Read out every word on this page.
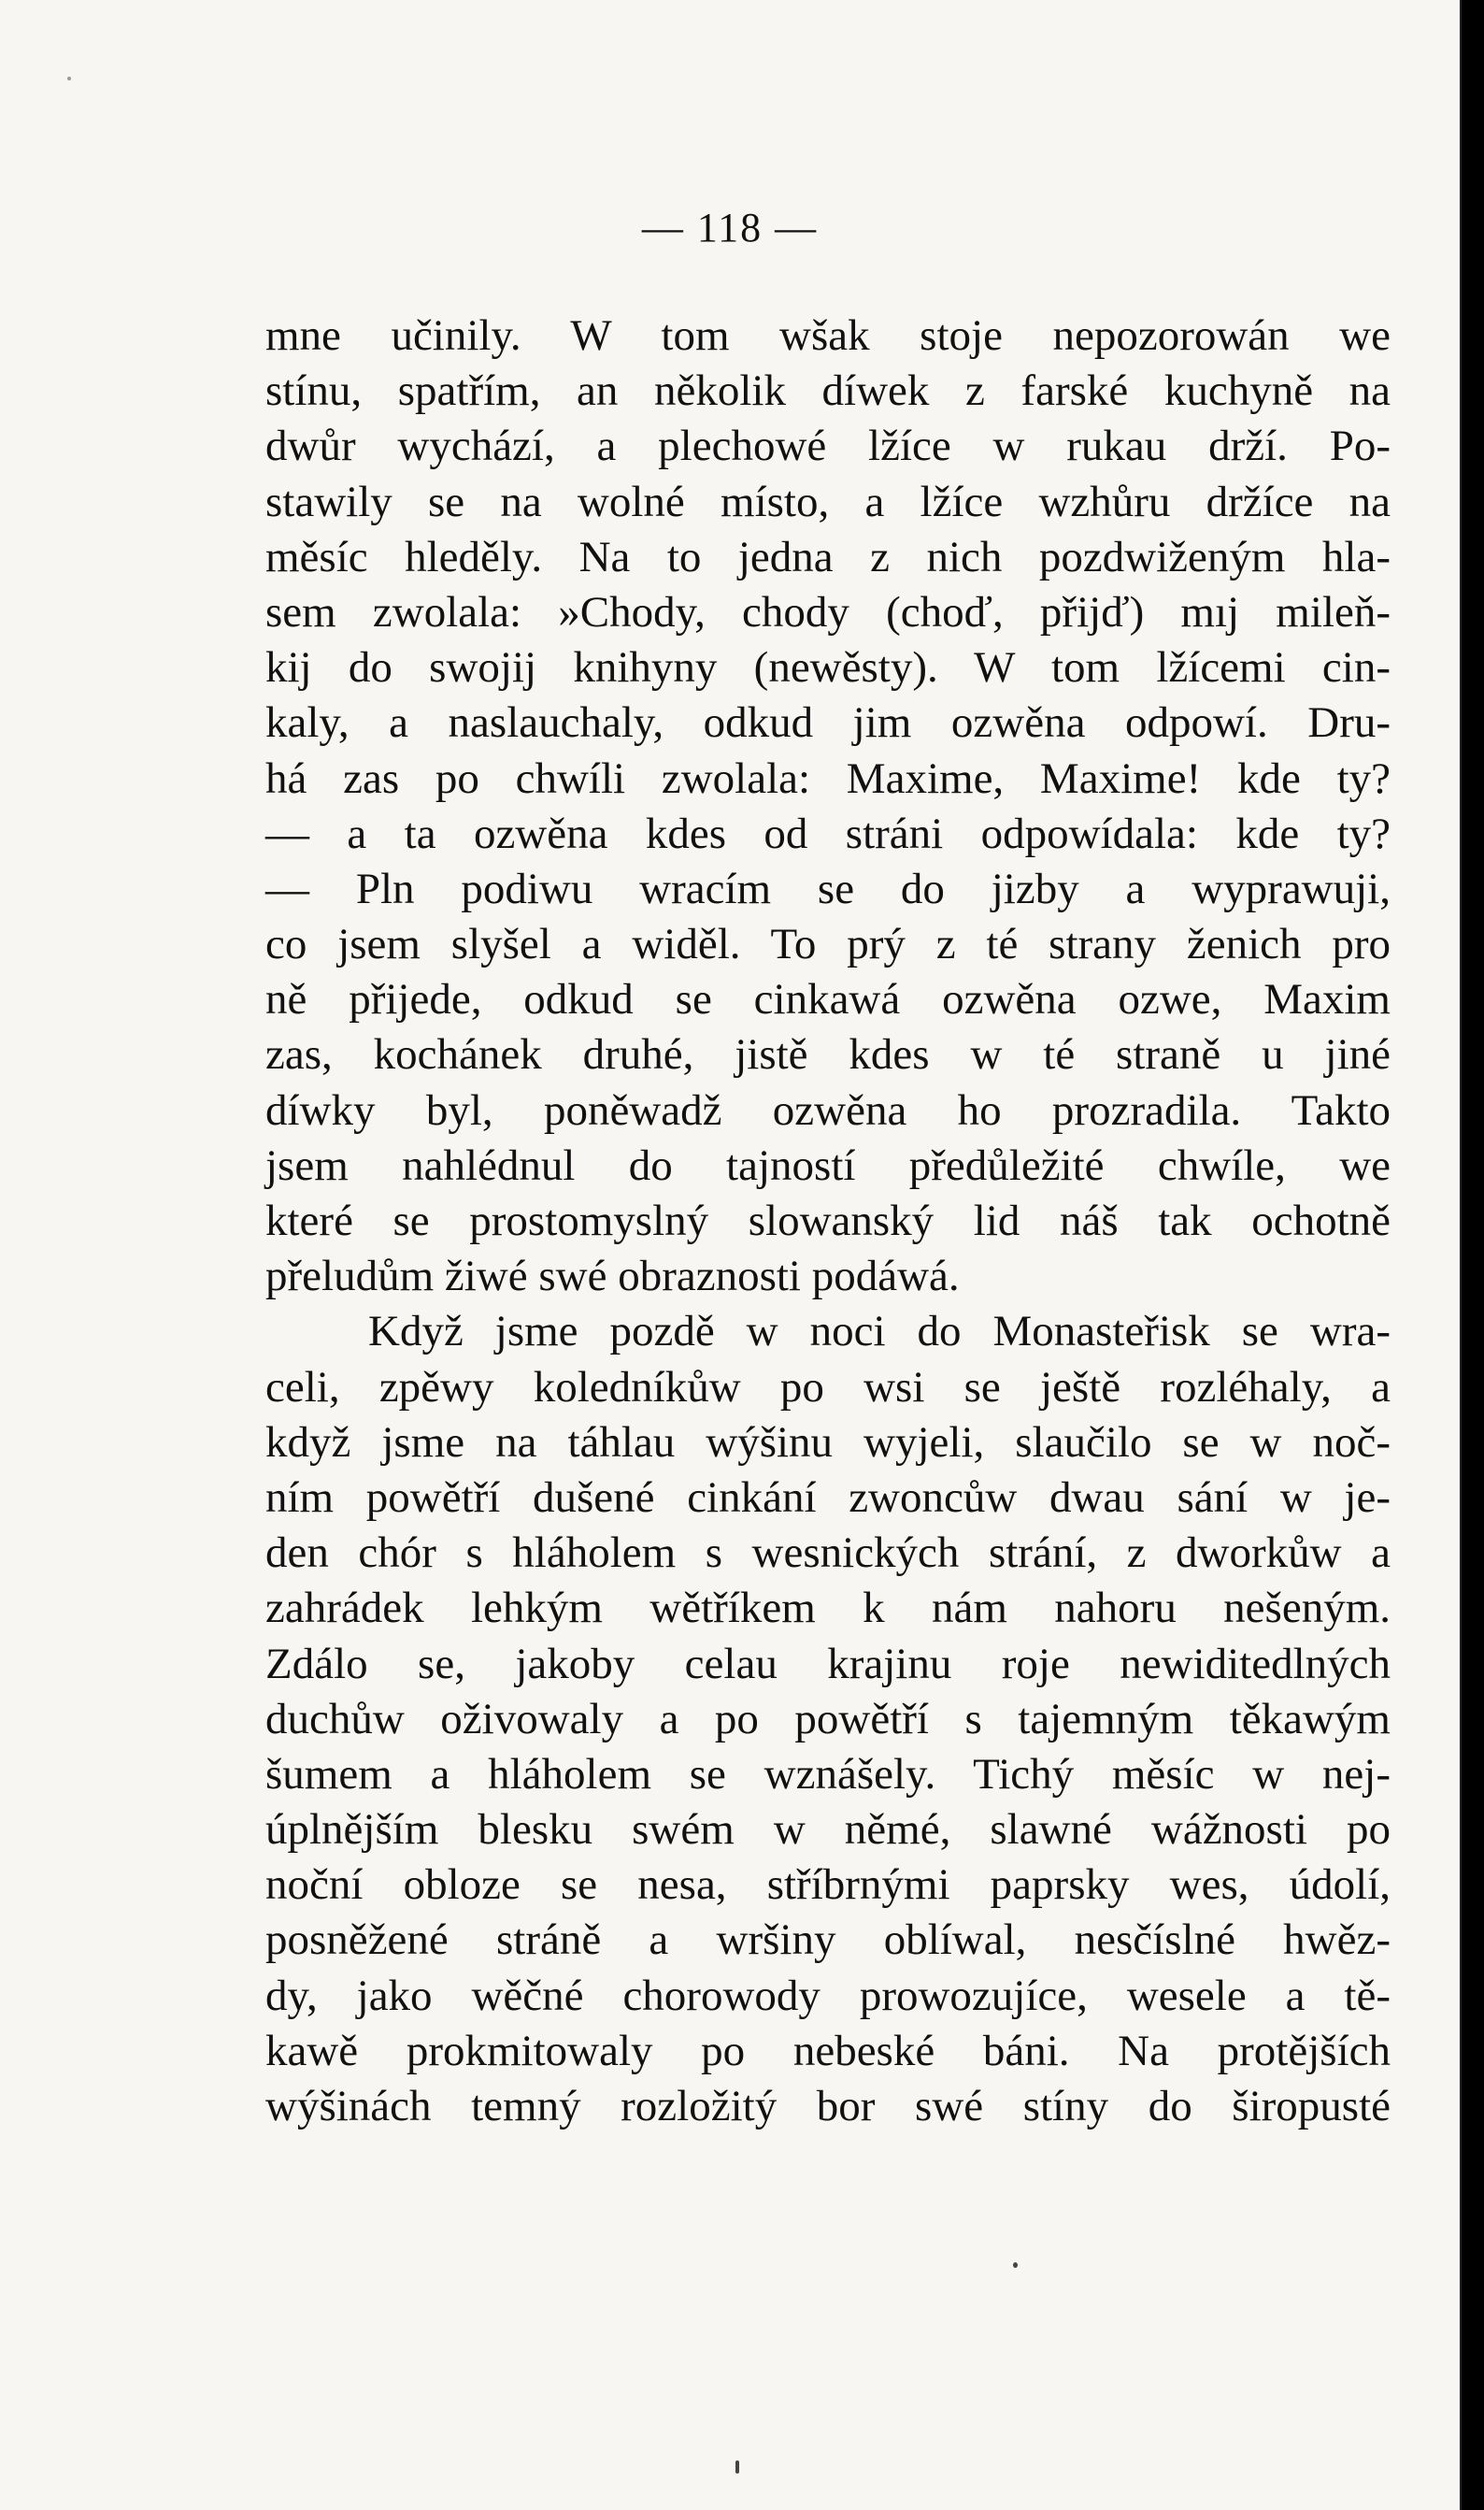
— 118 —
mne učinily. W tom wšak stoje nepozorowán we
stínu, spatřím, an několik díwek z farské kuchyně na
dwůr wychází, a plechowé lžíce w rukau drží. Po-
stawily se na wolné místo, a lžíce wzhůru držíce na
měsíc hleděly. Na to jedna z nich pozdwiženým hla-
sem zwolala: »Chody, chody (choď, přijď) mıj mileň-
kij do swojij knihyny (newěsty). W tom lžícemi cin-
kaly, a naslauchaly, odkud jim ozwěna odpowí. Dru-
há zas po chwíli zwolala: Maxime, Maxime! kde ty?
— a ta ozwěna kdes od stráni odpowídala: kde ty?
— Pln podiwu wracím se do jizby a wyprawuji,
co jsem slyšel a widěl. To prý z té strany ženich pro
ně přijede, odkud se cinkawá ozwěna ozwe, Maxim
zas, kochánek druhé, jistě kdes w té straně u jiné
díwky byl, poněwadž ozwěna ho prozradila. Takto
jsem nahlédnul do tajností předůležité chwíle, we
které se prostomyslný slowanský lid náš tak ochotně
přeludům žiwé swé obraznosti podáwá.
Když jsme pozdě w noci do Monasteřisk se wra-
celi, zpěwy koledníkůw po wsi se ještě rozléhaly, a
když jsme na táhlau wýšinu wyjeli, slaučilo se w noč-
ním powětří dušené cinkání zwoncůw dwau sání w je-
den chór s hláholem s wesnických strání, z dworkůw a
zahrádek lehkým wětříkem k nám nahoru nešeným.
Zdálo se, jakoby celau krajinu roje newiditedlných
duchůw oživowaly a po powětří s tajemným těkawým
šumem a hláholem se wznášely. Tichý měsíc w nej-
úplnějším blesku swém w němé, slawné wážnosti po
noční obloze se nesa, stříbrnými paprsky wes, údolí,
posněžené stráně a wršiny oblíwal, nesčíslné hwěz-
dy, jako wěčné chorowody prowozujíce, wesele a tě-
kawě prokmitowaly po nebeské báni. Na protějších
wýšinách temný rozložitý bor swé stíny do širopusté
